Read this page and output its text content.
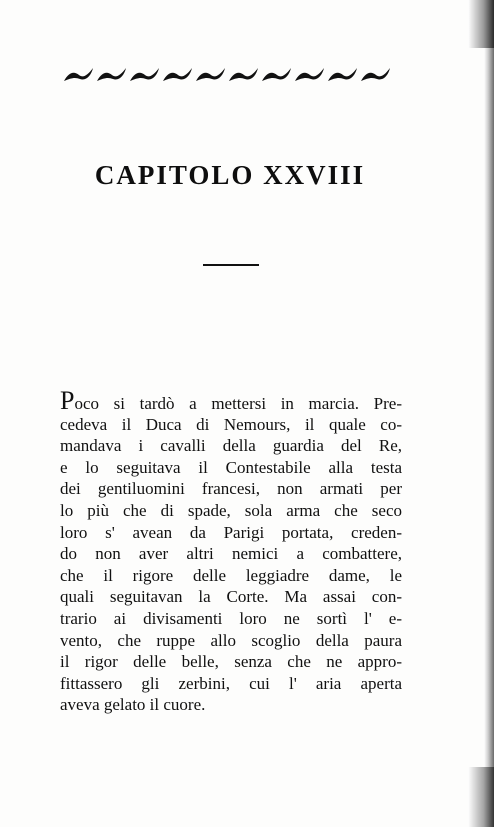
CAPITOLO XXVIII
Poco si tardò a mettersi in marcia. Pre-
cedeva il Duca di Nemours, il quale co-
mandava i cavalli della guardia del Re,
e lo seguitava il Contestabile alla testa
dei gentiluomini francesi, non armati per
lo più che di spade, sola arma che seco
loro s' avean da Parigi portata, creden-
do non aver altri nemici a combattere,
che il rigore delle leggiadre dame, le
quali seguitavan la Corte. Ma assai con-
trario ai divisamenti loro ne sortì l' e-
vento, che ruppe allo scoglio della paura
il rigor delle belle, senza che ne appro-
fittassero gli zerbini, cui l' aria aperta
aveva gelato il cuore.
